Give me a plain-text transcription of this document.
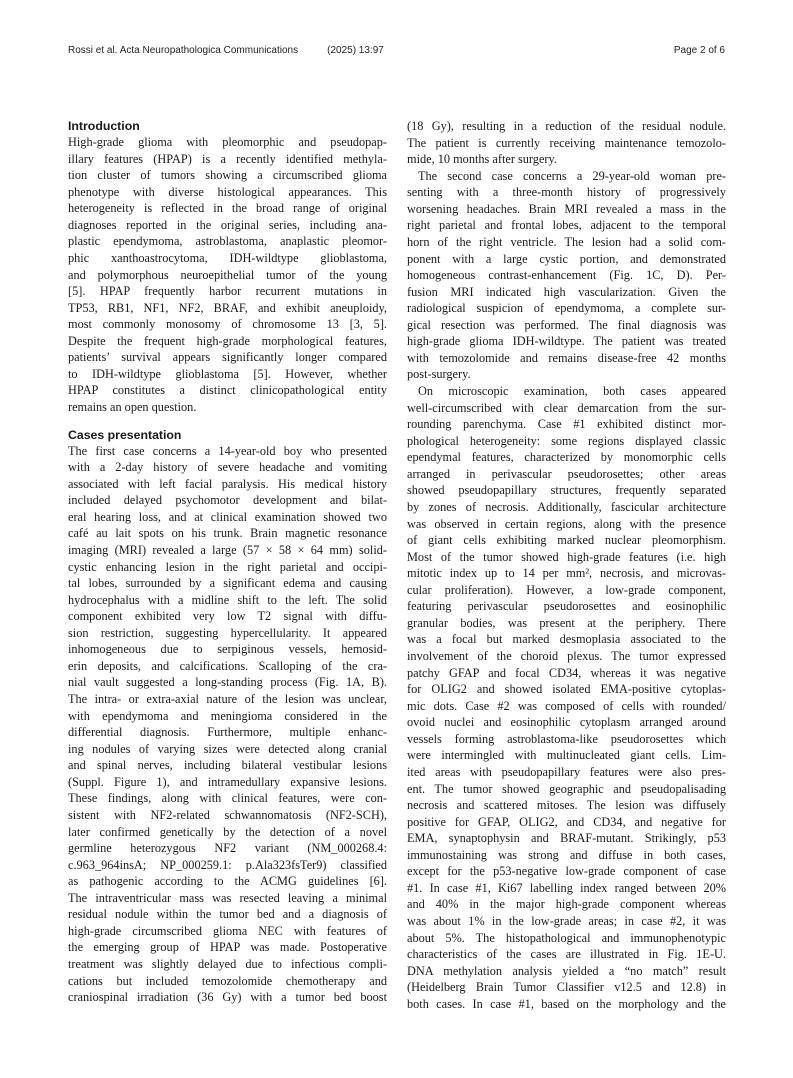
Rossi et al. Acta Neuropathologica Communications	(2025) 13:97	Page 2 of 6
Introduction
High-grade glioma with pleomorphic and pseudopap-
illary features (HPAP) is a recently identified methyla-
tion cluster of tumors showing a circumscribed glioma
phenotype with diverse histological appearances. This
heterogeneity is reflected in the broad range of original
diagnoses reported in the original series, including ana-
plastic ependymoma, astroblastoma, anaplastic pleomor-
phic xanthoastrocytoma, IDH-wildtype glioblastoma,
and polymorphous neuroepithelial tumor of the young
[5]. HPAP frequently harbor recurrent mutations in
TP53, RB1, NF1, NF2, BRAF, and exhibit aneuploidy,
most commonly monosomy of chromosome 13 [3, 5].
Despite the frequent high-grade morphological features,
patients’ survival appears significantly longer compared
to IDH-wildtype glioblastoma [5]. However, whether
HPAP constitutes a distinct clinicopathological entity
remains an open question.
Cases presentation
The first case concerns a 14-year-old boy who presented
with a 2-day history of severe headache and vomiting
associated with left facial paralysis. His medical history
included delayed psychomotor development and bilat-
eral hearing loss, and at clinical examination showed two
café au lait spots on his trunk. Brain magnetic resonance
imaging (MRI) revealed a large (57 × 58 × 64 mm) solid-
cystic enhancing lesion in the right parietal and occipi-
tal lobes, surrounded by a significant edema and causing
hydrocephalus with a midline shift to the left. The solid
component exhibited very low T2 signal with diffu-
sion restriction, suggesting hypercellularity. It appeared
inhomogeneous due to serpiginous vessels, hemosid-
erin deposits, and calcifications. Scalloping of the cra-
nial vault suggested a long-standing process (Fig. 1A, B).
The intra- or extra-axial nature of the lesion was unclear,
with ependymoma and meningioma considered in the
differential diagnosis. Furthermore, multiple enhanc-
ing nodules of varying sizes were detected along cranial
and spinal nerves, including bilateral vestibular lesions
(Suppl. Figure 1), and intramedullary expansive lesions.
These findings, along with clinical features, were con-
sistent with NF2-related schwannomatosis (NF2-SCH),
later confirmed genetically by the detection of a novel
germline heterozygous NF2 variant (NM_000268.4:
c.963_964insA; NP_000259.1: p.Ala323fsTer9) classified
as pathogenic according to the ACMG guidelines [6].
The intraventricular mass was resected leaving a minimal
residual nodule within the tumor bed and a diagnosis of
high-grade circumscribed glioma NEC with features of
the emerging group of HPAP was made. Postoperative
treatment was slightly delayed due to infectious compli-
cations but included temozolomide chemotherapy and
craniospinal irradiation (36 Gy) with a tumor bed boost
(18 Gy), resulting in a reduction of the residual nodule.
The patient is currently receiving maintenance temozolo-
mide, 10 months after surgery.
The second case concerns a 29-year-old woman pre-
senting with a three-month history of progressively
worsening headaches. Brain MRI revealed a mass in the
right parietal and frontal lobes, adjacent to the temporal
horn of the right ventricle. The lesion had a solid com-
ponent with a large cystic portion, and demonstrated
homogeneous contrast-enhancement (Fig. 1C, D). Per-
fusion MRI indicated high vascularization. Given the
radiological suspicion of ependymoma, a complete sur-
gical resection was performed. The final diagnosis was
high-grade glioma IDH-wildtype. The patient was treated
with temozolomide and remains disease-free 42 months
post-surgery.
On microscopic examination, both cases appeared
well-circumscribed with clear demarcation from the sur-
rounding parenchyma. Case #1 exhibited distinct mor-
phological heterogeneity: some regions displayed classic
ependymal features, characterized by monomorphic cells
arranged in perivascular pseudorosettes; other areas
showed pseudopapillary structures, frequently separated
by zones of necrosis. Additionally, fascicular architecture
was observed in certain regions, along with the presence
of giant cells exhibiting marked nuclear pleomorphism.
Most of the tumor showed high-grade features (i.e. high
mitotic index up to 14 per mm², necrosis, and microvas-
cular proliferation). However, a low-grade component,
featuring perivascular pseudorosettes and eosinophilic
granular bodies, was present at the periphery. There
was a focal but marked desmoplasia associated to the
involvement of the choroid plexus. The tumor expressed
patchy GFAP and focal CD34, whereas it was negative
for OLIG2 and showed isolated EMA-positive cytoplas-
mic dots. Case #2 was composed of cells with rounded/
ovoid nuclei and eosinophilic cytoplasm arranged around
vessels forming astroblastoma-like pseudorosettes which
were intermingled with multinucleated giant cells. Lim-
ited areas with pseudopapillary features were also pres-
ent. The tumor showed geographic and pseudopalisading
necrosis and scattered mitoses. The lesion was diffusely
positive for GFAP, OLIG2, and CD34, and negative for
EMA, synaptophysin and BRAF-mutant. Strikingly, p53
immunostaining was strong and diffuse in both cases,
except for the p53-negative low-grade component of case
#1. In case #1, Ki67 labelling index ranged between 20%
and 40% in the major high-grade component whereas
was about 1% in the low-grade areas; in case #2, it was
about 5%. The histopathological and immunophenotypic
characteristics of the cases are illustrated in Fig. 1E-U.
DNA methylation analysis yielded a “no match” result
(Heidelberg Brain Tumor Classifier v12.5 and 12.8) in
both cases. In case #1, based on the morphology and the
